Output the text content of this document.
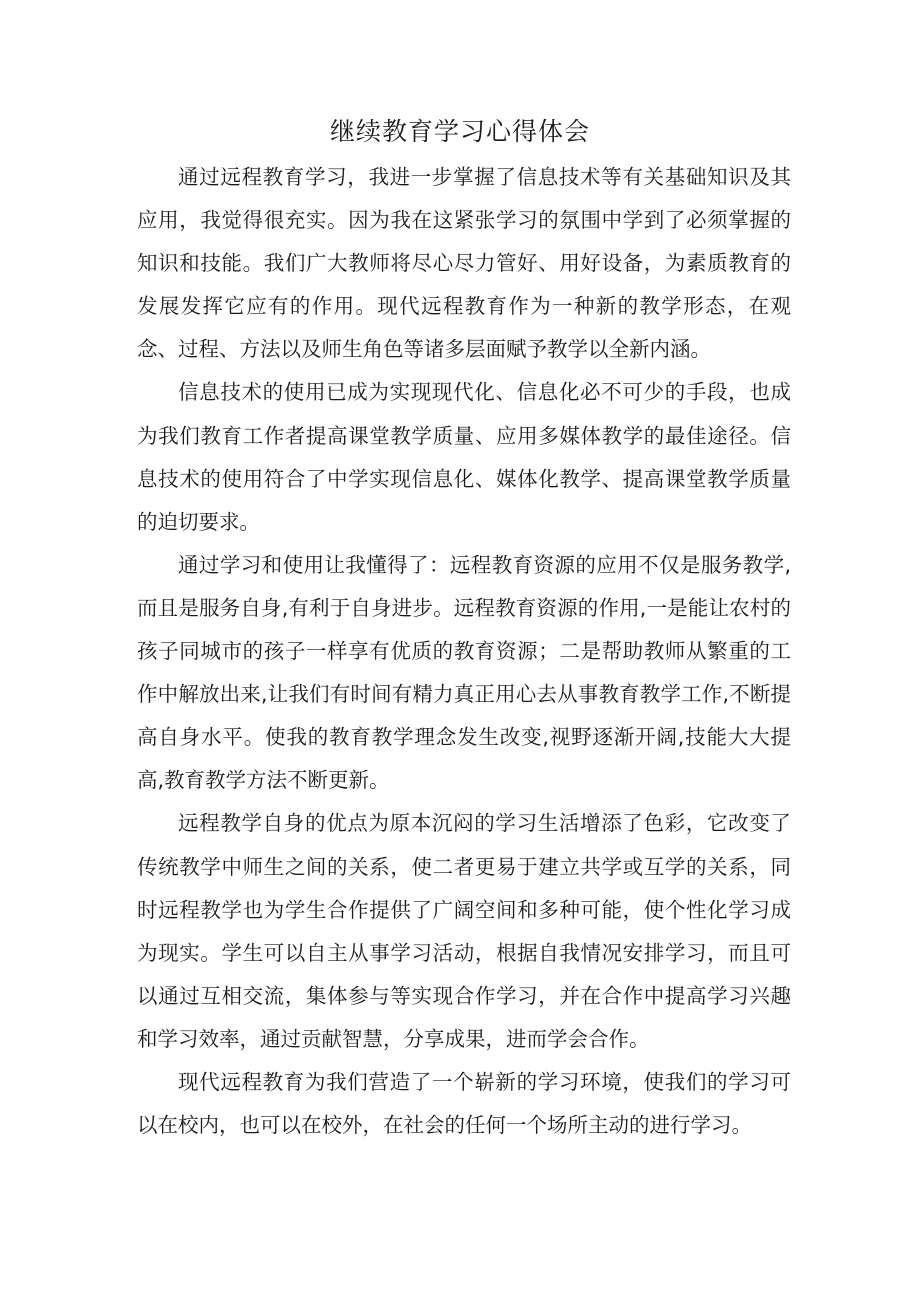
继续教育学习心得体会

通过远程教育学习，我进一步掌握了信息技术等有关基础知识及其应用，我觉得很充实。因为我在这紧张学习的氛围中学到了必须掌握的知识和技能。我们广大教师将尽心尽力管好、用好设备，为素质教育的发展发挥它应有的作用。现代远程教育作为一种新的教学形态，在观念、过程、方法以及师生角色等诸多层面赋予教学以全新内涵。

信息技术的使用已成为实现现代化、信息化必不可少的手段，也成为我们教育工作者提高课堂教学质量、应用多媒体教学的最佳途径。信息技术的使用符合了中学实现信息化、媒体化教学、提高课堂教学质量的迫切要求。

通过学习和使用让我懂得了：远程教育资源的应用不仅是服务教学,而且是服务自身,有利于自身进步。远程教育资源的作用,一是能让农村的孩子同城市的孩子一样享有优质的教育资源；二是帮助教师从繁重的工作中解放出来,让我们有时间有精力真正用心去从事教育教学工作,不断提高自身水平。使我的教育教学理念发生改变,视野逐渐开阔,技能大大提高,教育教学方法不断更新。

远程教学自身的优点为原本沉闷的学习生活增添了色彩，它改变了传统教学中师生之间的关系，使二者更易于建立共学或互学的关系，同时远程教学也为学生合作提供了广阔空间和多种可能，使个性化学习成为现实。学生可以自主从事学习活动，根据自我情况安排学习，而且可以通过互相交流，集体参与等实现合作学习，并在合作中提高学习兴趣和学习效率，通过贡献智慧，分享成果，进而学会合作。

现代远程教育为我们营造了一个崭新的学习环境，使我们的学习可以在校内，也可以在校外，在社会的任何一个场所主动的进行学习。
